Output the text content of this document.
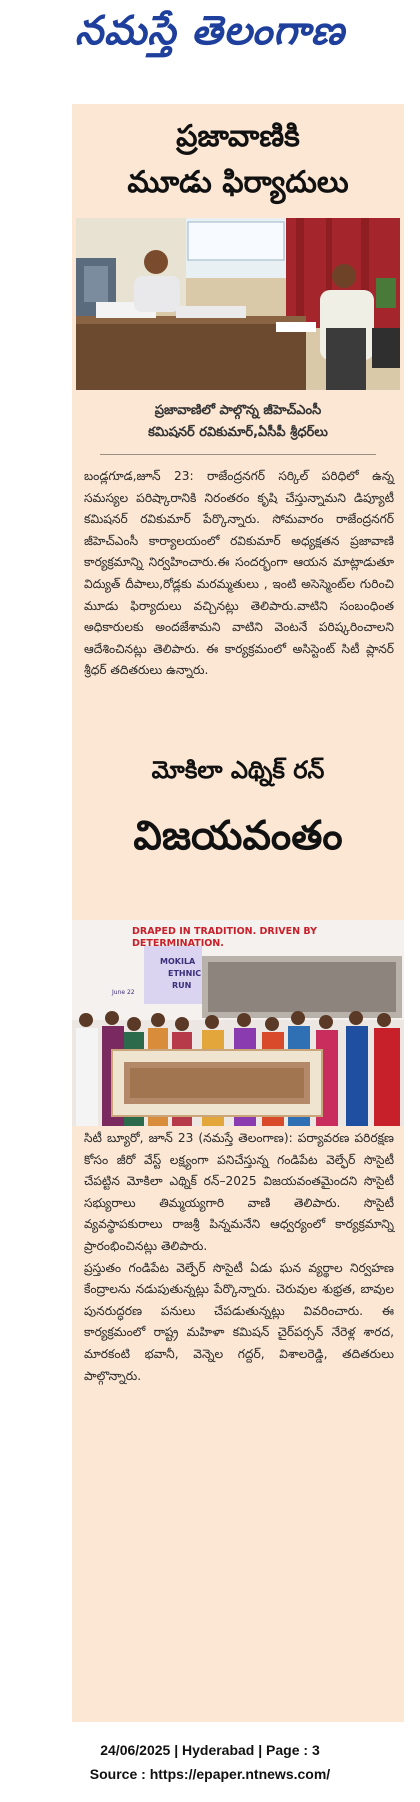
నమస్తే తెలంగాణ
ప్రజావాణికి
మూడు ఫిర్యాదులు
ప్రజావాణిలో పాల్గొన్న జీహెచ్ఎంసీ
కమిషనర్ రవికుమార్,ఏసీపీ శ్రీధర్‌లు

బండ్లగూడ,జూన్ 23: రాజేంద్రనగర్ సర్కిల్ పరిధిలో ఉన్న సమస్యల పరిష్కారానికి నిరంతరం కృషి చేస్తున్నామని డిప్యూటీ కమిషనర్ రవికుమార్ పేర్కొన్నారు. సోమవారం రాజేంద్రనగర్ జీహెచ్ఎంసీ కార్యాలయంలో రవికుమార్ అధ్యక్షతన ప్రజావాణి కార్యక్రమాన్ని నిర్వహించారు.ఈ సందర్భంగా ఆయన మాట్లాడుతూ విద్యుత్ దీపాలు,రోడ్లకు మరమ్మతులు , ఇంటి అసెస్మెంట్‌ల గురించి మూడు ఫిర్యాదులు వచ్చినట్లు తెలిపారు.వాటిని సంబంధింత అధికారులకు అందజేశామని వాటిని వెంటనే పరిష్కరించాలని ఆదేశించినట్లు తెలిపారు. ఈ కార్యక్రమంలో అసిస్టెంట్ సిటీ ప్లానర్ శ్రీధర్ తదితరులు ఉన్నారు.

మోకిలా ఎథ్నిక్ రన్
విజయవంతం
MOKILA
ETHNIC
RUN
June 22
DRAPED IN TRADITION. DRIVEN BY
DETERMINATION.

సిటీ బ్యూరో, జూన్ 23 (నమస్తే తెలంగాణ): పర్యావరణ పరిరక్షణ కోసం జీరో వేస్ట్ లక్ష్యంగా పనిచేస్తున్న గండిపేట వెల్ఫేర్ సొసైటీ చేపట్టిన మోకిలా ఎథ్నిక్ రన్–2025 విజయవంతమైందని సొసైటీ సభ్యురాలు తిమ్మయ్యగారి వాణి తెలిపారు. సొసైటీ వ్యవస్థాపకురాలు రాజశ్రీ పిన్నమనేని ఆధ్వర్యంలో కార్యక్రమాన్ని ప్రారంభించినట్లు తెలిపారు.

ప్రస్తుతం గండిపేట వెల్ఫేర్ సొసైటీ ఏడు ఘన వ్యర్థాల నిర్వహణ కేంద్రాలను నడుపుతున్నట్లు పేర్కొన్నారు. చెరువుల శుభ్రత, బావుల పునరుద్ధరణ పనులు చేపడుతున్నట్లు వివరించారు. ఈ కార్యక్రమంలో రాష్ట్ర మహిళా కమిషన్ చైర్‌పర్సన్ నేరెళ్ల శారద, మారకంటి భవానీ, వెన్నెల గద్దర్, విశాలరెడ్డి, తదితరులు పాల్గొన్నారు.

24/06/2025 | Hyderabad | Page : 3
Source : https://epaper.ntnews.com/
